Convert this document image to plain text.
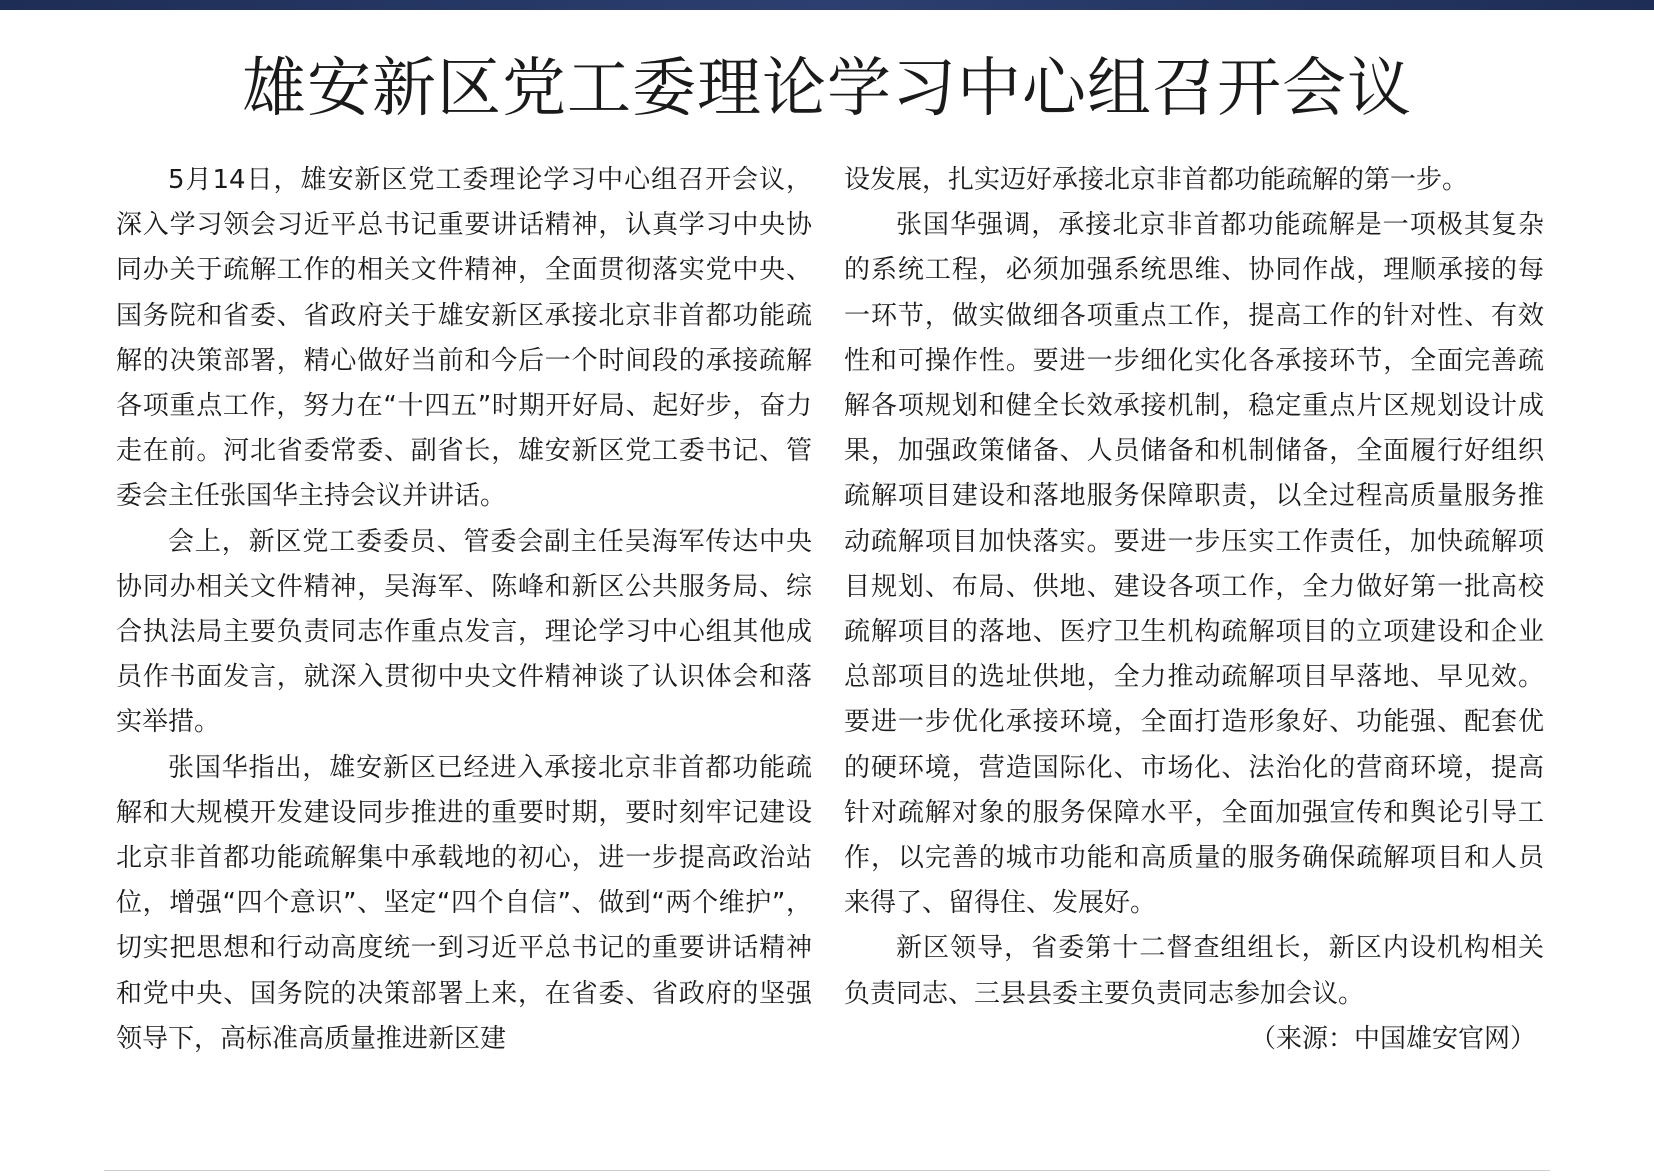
雄安新区党工委理论学习中心组召开会议

5月14日，雄安新区党工委理论学习中心组召开会议，深入学习领会习近平总书记重要讲话精神，认真学习中央协同办关于疏解工作的相关文件精神，全面贯彻落实党中央、国务院和省委、省政府关于雄安新区承接北京非首都功能疏解的决策部署，精心做好当前和今后一个时间段的承接疏解各项重点工作，努力在“十四五”时期开好局、起好步，奋力走在前。河北省委常委、副省长，雄安新区党工委书记、管委会主任张国华主持会议并讲话。

会上，新区党工委委员、管委会副主任吴海军传达中央协同办相关文件精神，吴海军、陈峰和新区公共服务局、综合执法局主要负责同志作重点发言，理论学习中心组其他成员作书面发言，就深入贯彻中央文件精神谈了认识体会和落实举措。

张国华指出，雄安新区已经进入承接北京非首都功能疏解和大规模开发建设同步推进的重要时期，要时刻牢记建设北京非首都功能疏解集中承载地的初心，进一步提高政治站位，增强“四个意识”、坚定“四个自信”、做到“两个维护”，切实把思想和行动高度统一到习近平总书记的重要讲话精神和党中央、国务院的决策部署上来，在省委、省政府的坚强领导下，高标准高质量推进新区建

设发展，扎实迈好承接北京非首都功能疏解的第一步。

张国华强调，承接北京非首都功能疏解是一项极其复杂的系统工程，必须加强系统思维、协同作战，理顺承接的每一环节，做实做细各项重点工作，提高工作的针对性、有效性和可操作性。要进一步细化实化各承接环节，全面完善疏解各项规划和健全长效承接机制，稳定重点片区规划设计成果，加强政策储备、人员储备和机制储备，全面履行好组织疏解项目建设和落地服务保障职责，以全过程高质量服务推动疏解项目加快落实。要进一步压实工作责任，加快疏解项目规划、布局、供地、建设各项工作，全力做好第一批高校疏解项目的落地、医疗卫生机构疏解项目的立项建设和企业总部项目的选址供地，全力推动疏解项目早落地、早见效。要进一步优化承接环境，全面打造形象好、功能强、配套优的硬环境，营造国际化、市场化、法治化的营商环境，提高针对疏解对象的服务保障水平，全面加强宣传和舆论引导工作，以完善的城市功能和高质量的服务确保疏解项目和人员来得了、留得住、发展好。

新区领导，省委第十二督查组组长，新区内设机构相关负责同志、三县县委主要负责同志参加会议。

（来源：中国雄安官网）
